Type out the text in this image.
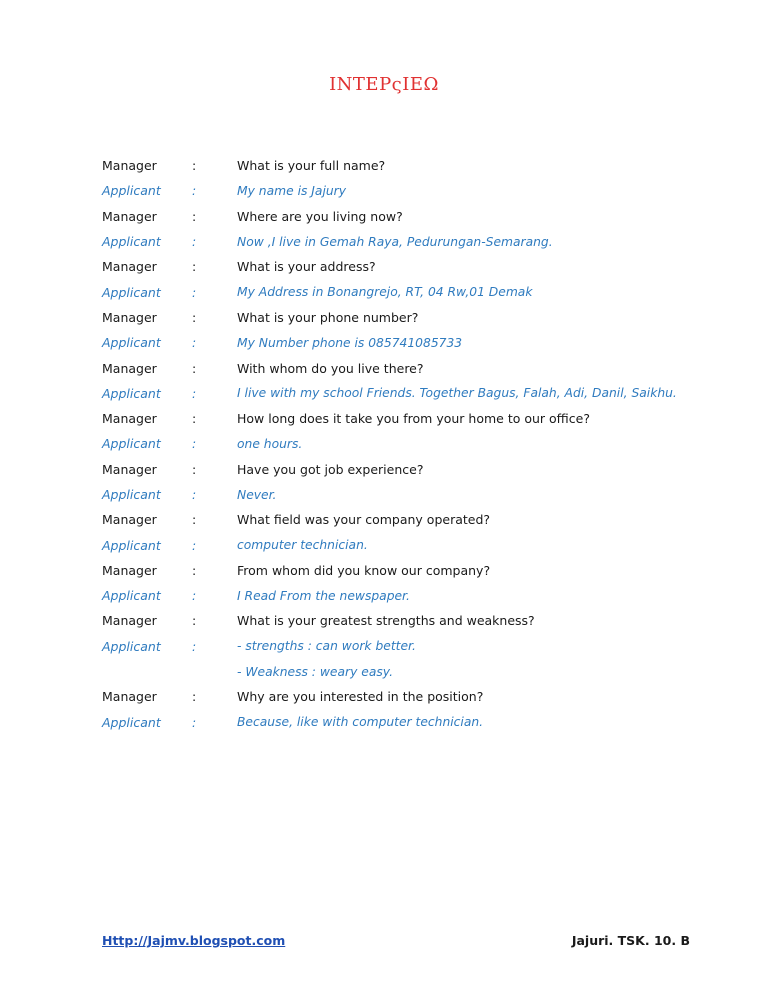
INTEPςIEΩ
Manager	:	What is your full name?
Applicant	:	My name is Jajury
Manager	:	Where are you living now?
Applicant	:	Now ,I live in Gemah Raya, Pedurungan-Semarang.
Manager	:	What is your address?
Applicant	:	My Address in Bonangrejo, RT, 04 Rw,01 Demak
Manager	:	What is your phone number?
Applicant	:	My Number phone is 085741085733
Manager	:	With whom do you live there?
Applicant	:	I live with my school Friends. Together Bagus, Falah, Adi, Danil, Saikhu.
Manager	:	How long does it take you from your home to our office?
Applicant	:	one hours.
Manager	:	Have you got job experience?
Applicant	:	Never.
Manager	:	What field was your company operated?
Applicant	:	computer technician.
Manager	:	From whom did you know our company?
Applicant	:	I Read From the newspaper.
Manager	:	What is your greatest strengths and weakness?
Applicant	:	- strengths : can work better.
- Weakness : weary easy.
Manager	:	Why are you interested in the position?
Applicant	:	Because, like with computer technician.
Http://Jajmv.blogspot.com	Jajuri. TSK. 10. B
